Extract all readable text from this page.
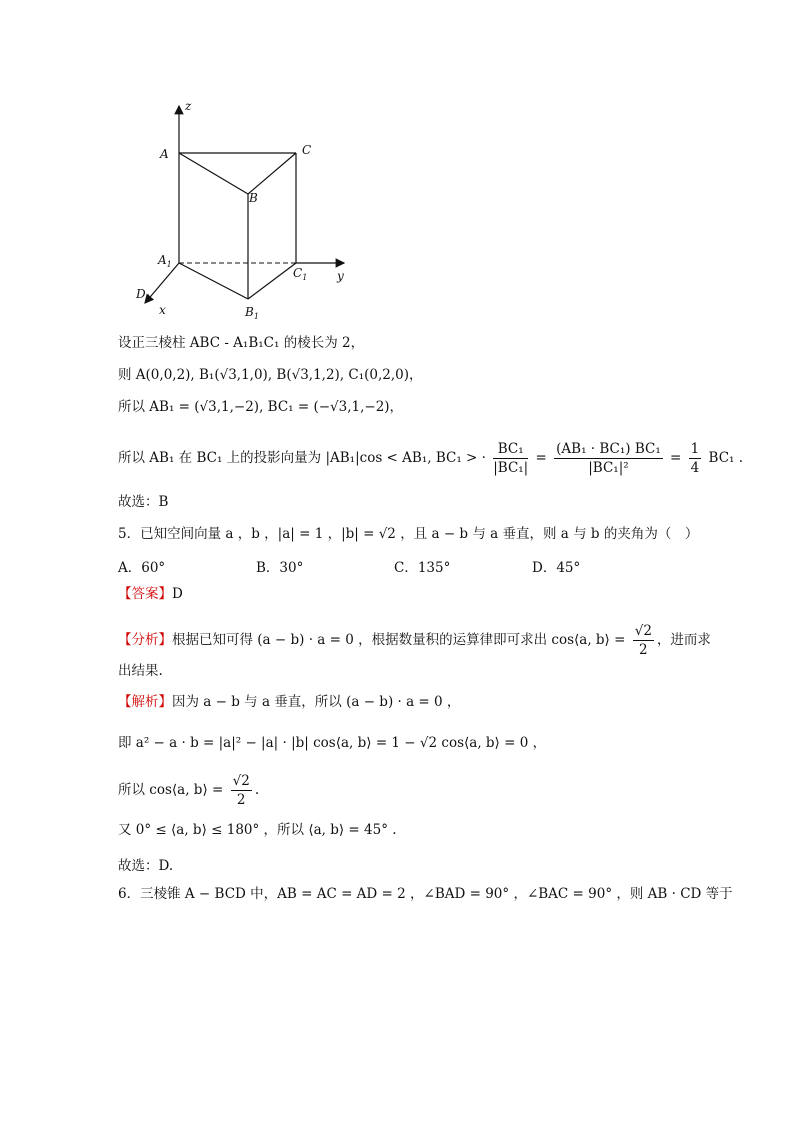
z
A	C
B
$A_1$
$C_1$ y
$D_1$
x	$B_1$
设正三棱柱 ABC - A₁B₁C₁ 的棱长为 2，
则 A(0,0,2), B₁(√3,1,0), B(√3,1,2), C₁(0,2,0)，
所以 AB₁ = (√3,1,−2), BC₁ = (−√3,1,−2)，
所以 AB₁ 在 BC₁ 上的投影向量为 |AB₁|cos < AB₁, BC₁ > · $\frac{\text{BC₁}}{\text{|BC₁|}} = \frac{\text{(AB₁ · BC₁) BC₁}}{\text{|BC₁|²}} = \frac{1}{4} BC_1$ .
故选：B
5．已知空间向量 a ，b ，|a| = 1 ，|b| = √2 ，且 a − b 与 a 垂直，则 a 与 b 的夹角为（　）
A．60°	B．30°	C．135°	D．45°
【答案】D
【分析】根据已知可得 (a − b) · a = 0 ，根据数量积的运算律即可求出 cos⟨a, b⟩ = $\frac{√2}{2}$ ，进而求
出结果.
【解析】因为 a − b 与 a 垂直，所以 (a − b) · a = 0 ，
即 a² − a · b = |a|² − |a| · |b| cos⟨a, b⟩ = 1 − √2 cos⟨a, b⟩ = 0 ，
所以 cos⟨a, b⟩ = $\frac{√2}{2}$ .
又 0° ≤ ⟨a, b⟩ ≤ 180° ，所以 ⟨a, b⟩ = 45° .
故选：D.
6．三棱锥 A − BCD 中，AB = AC = AD = 2 ，∠BAD = 90° ，∠BAC = 90° ，则 AB · CD 等于
